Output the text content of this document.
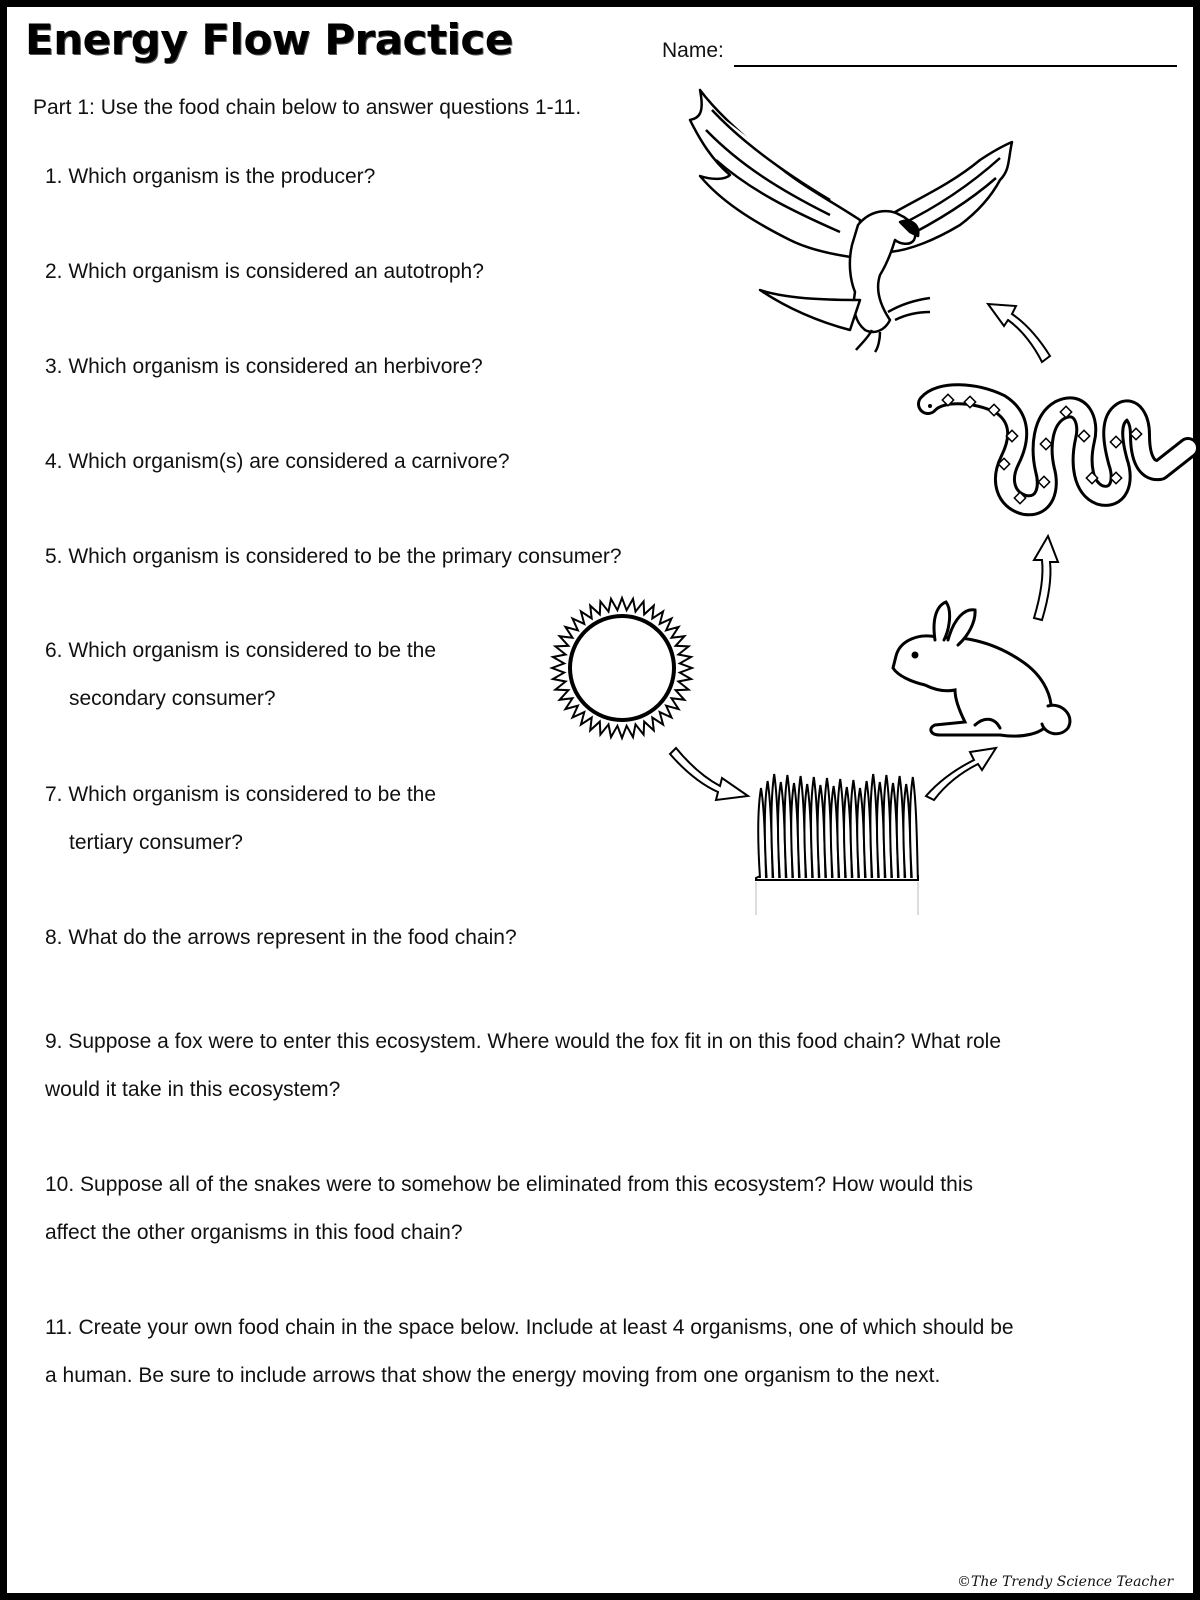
Energy Flow Practice	Name:
Part 1: Use the food chain below to answer questions 1-11.
1. Which organism is the producer?
2. Which organism is considered an autotroph?
3. Which organism is considered an herbivore?
4. Which organism(s) are considered a carnivore?
5. Which organism is considered to be the primary consumer?
6. Which organism is considered to be the
secondary consumer?
7. Which organism is considered to be the
tertiary consumer?
8. What do the arrows represent in the food chain?
9. Suppose a fox were to enter this ecosystem. Where would the fox fit in on this food chain? What role
would it take in this ecosystem?
10. Suppose all of the snakes were to somehow be eliminated from this ecosystem? How would this
affect the other organisms in this food chain?
11. Create your own food chain in the space below. Include at least 4 organisms, one of which should be
a human. Be sure to include arrows that show the energy moving from one organism to the next.
©The Trendy Science Teacher
